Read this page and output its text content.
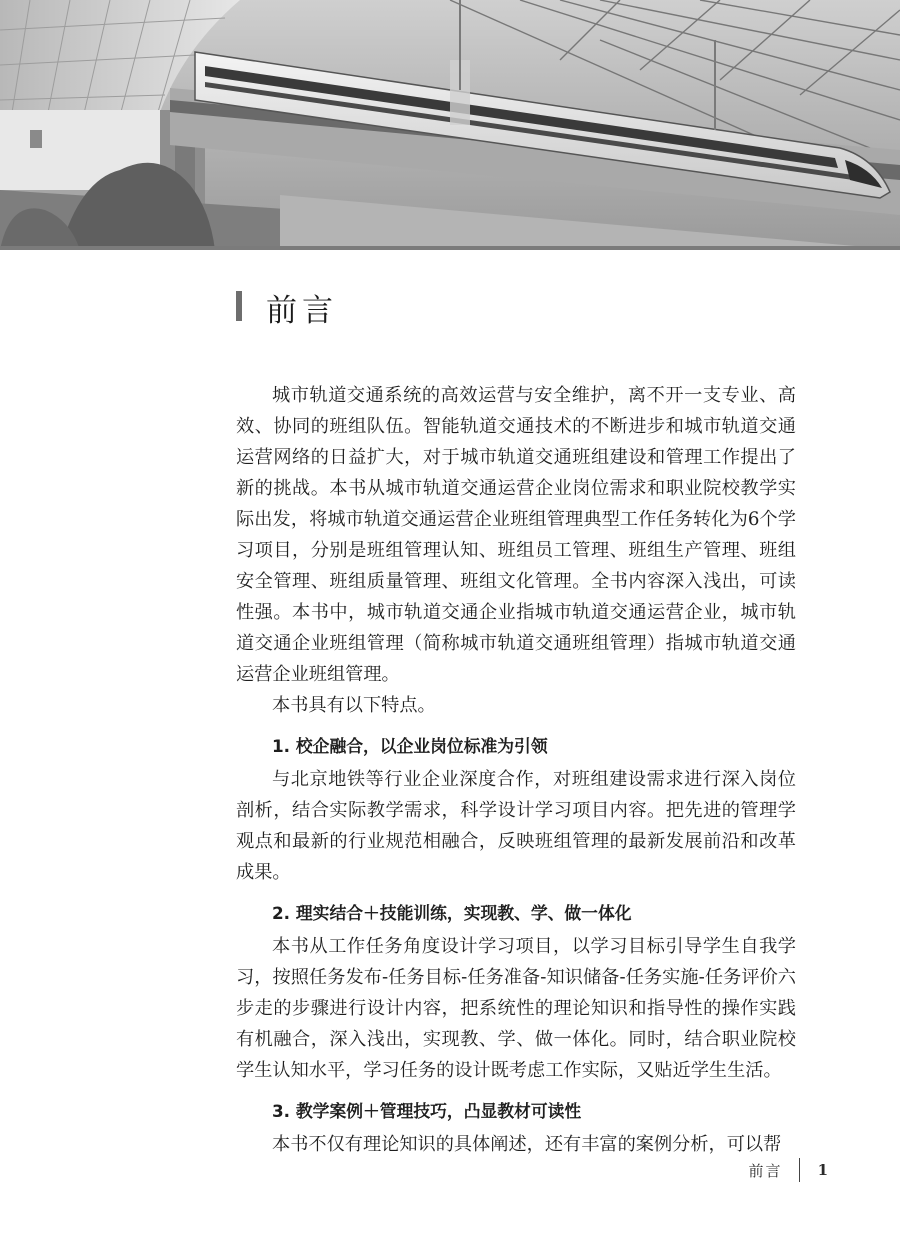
前言

城市轨道交通系统的高效运营与安全维护，离不开一支专业、高效、协同的班组队伍。智能轨道交通技术的不断进步和城市轨道交通运营网络的日益扩大，对于城市轨道交通班组建设和管理工作提出了新的挑战。本书从城市轨道交通运营企业岗位需求和职业院校教学实际出发，将城市轨道交通运营企业班组管理典型工作任务转化为6个学习项目，分别是班组管理认知、班组员工管理、班组生产管理、班组安全管理、班组质量管理、班组文化管理。全书内容深入浅出，可读性强。本书中，城市轨道交通企业指城市轨道交通运营企业，城市轨道交通企业班组管理（简称城市轨道交通班组管理）指城市轨道交通运营企业班组管理。

本书具有以下特点。

1. 校企融合，以企业岗位标准为引领

与北京地铁等行业企业深度合作，对班组建设需求进行深入岗位剖析，结合实际教学需求，科学设计学习项目内容。把先进的管理学观点和最新的行业规范相融合，反映班组管理的最新发展前沿和改革成果。

2. 理实结合＋技能训练，实现教、学、做一体化

本书从工作任务角度设计学习项目，以学习目标引导学生自我学习，按照任务发布-任务目标-任务准备-知识储备-任务实施-任务评价六步走的步骤进行设计内容，把系统性的理论知识和指导性的操作实践有机融合，深入浅出，实现教、学、做一体化。同时，结合职业院校学生认知水平，学习任务的设计既考虑工作实际，又贴近学生生活。

3. 教学案例＋管理技巧，凸显教材可读性

本书不仅有理论知识的具体阐述，还有丰富的案例分析，可以帮

前言 1
